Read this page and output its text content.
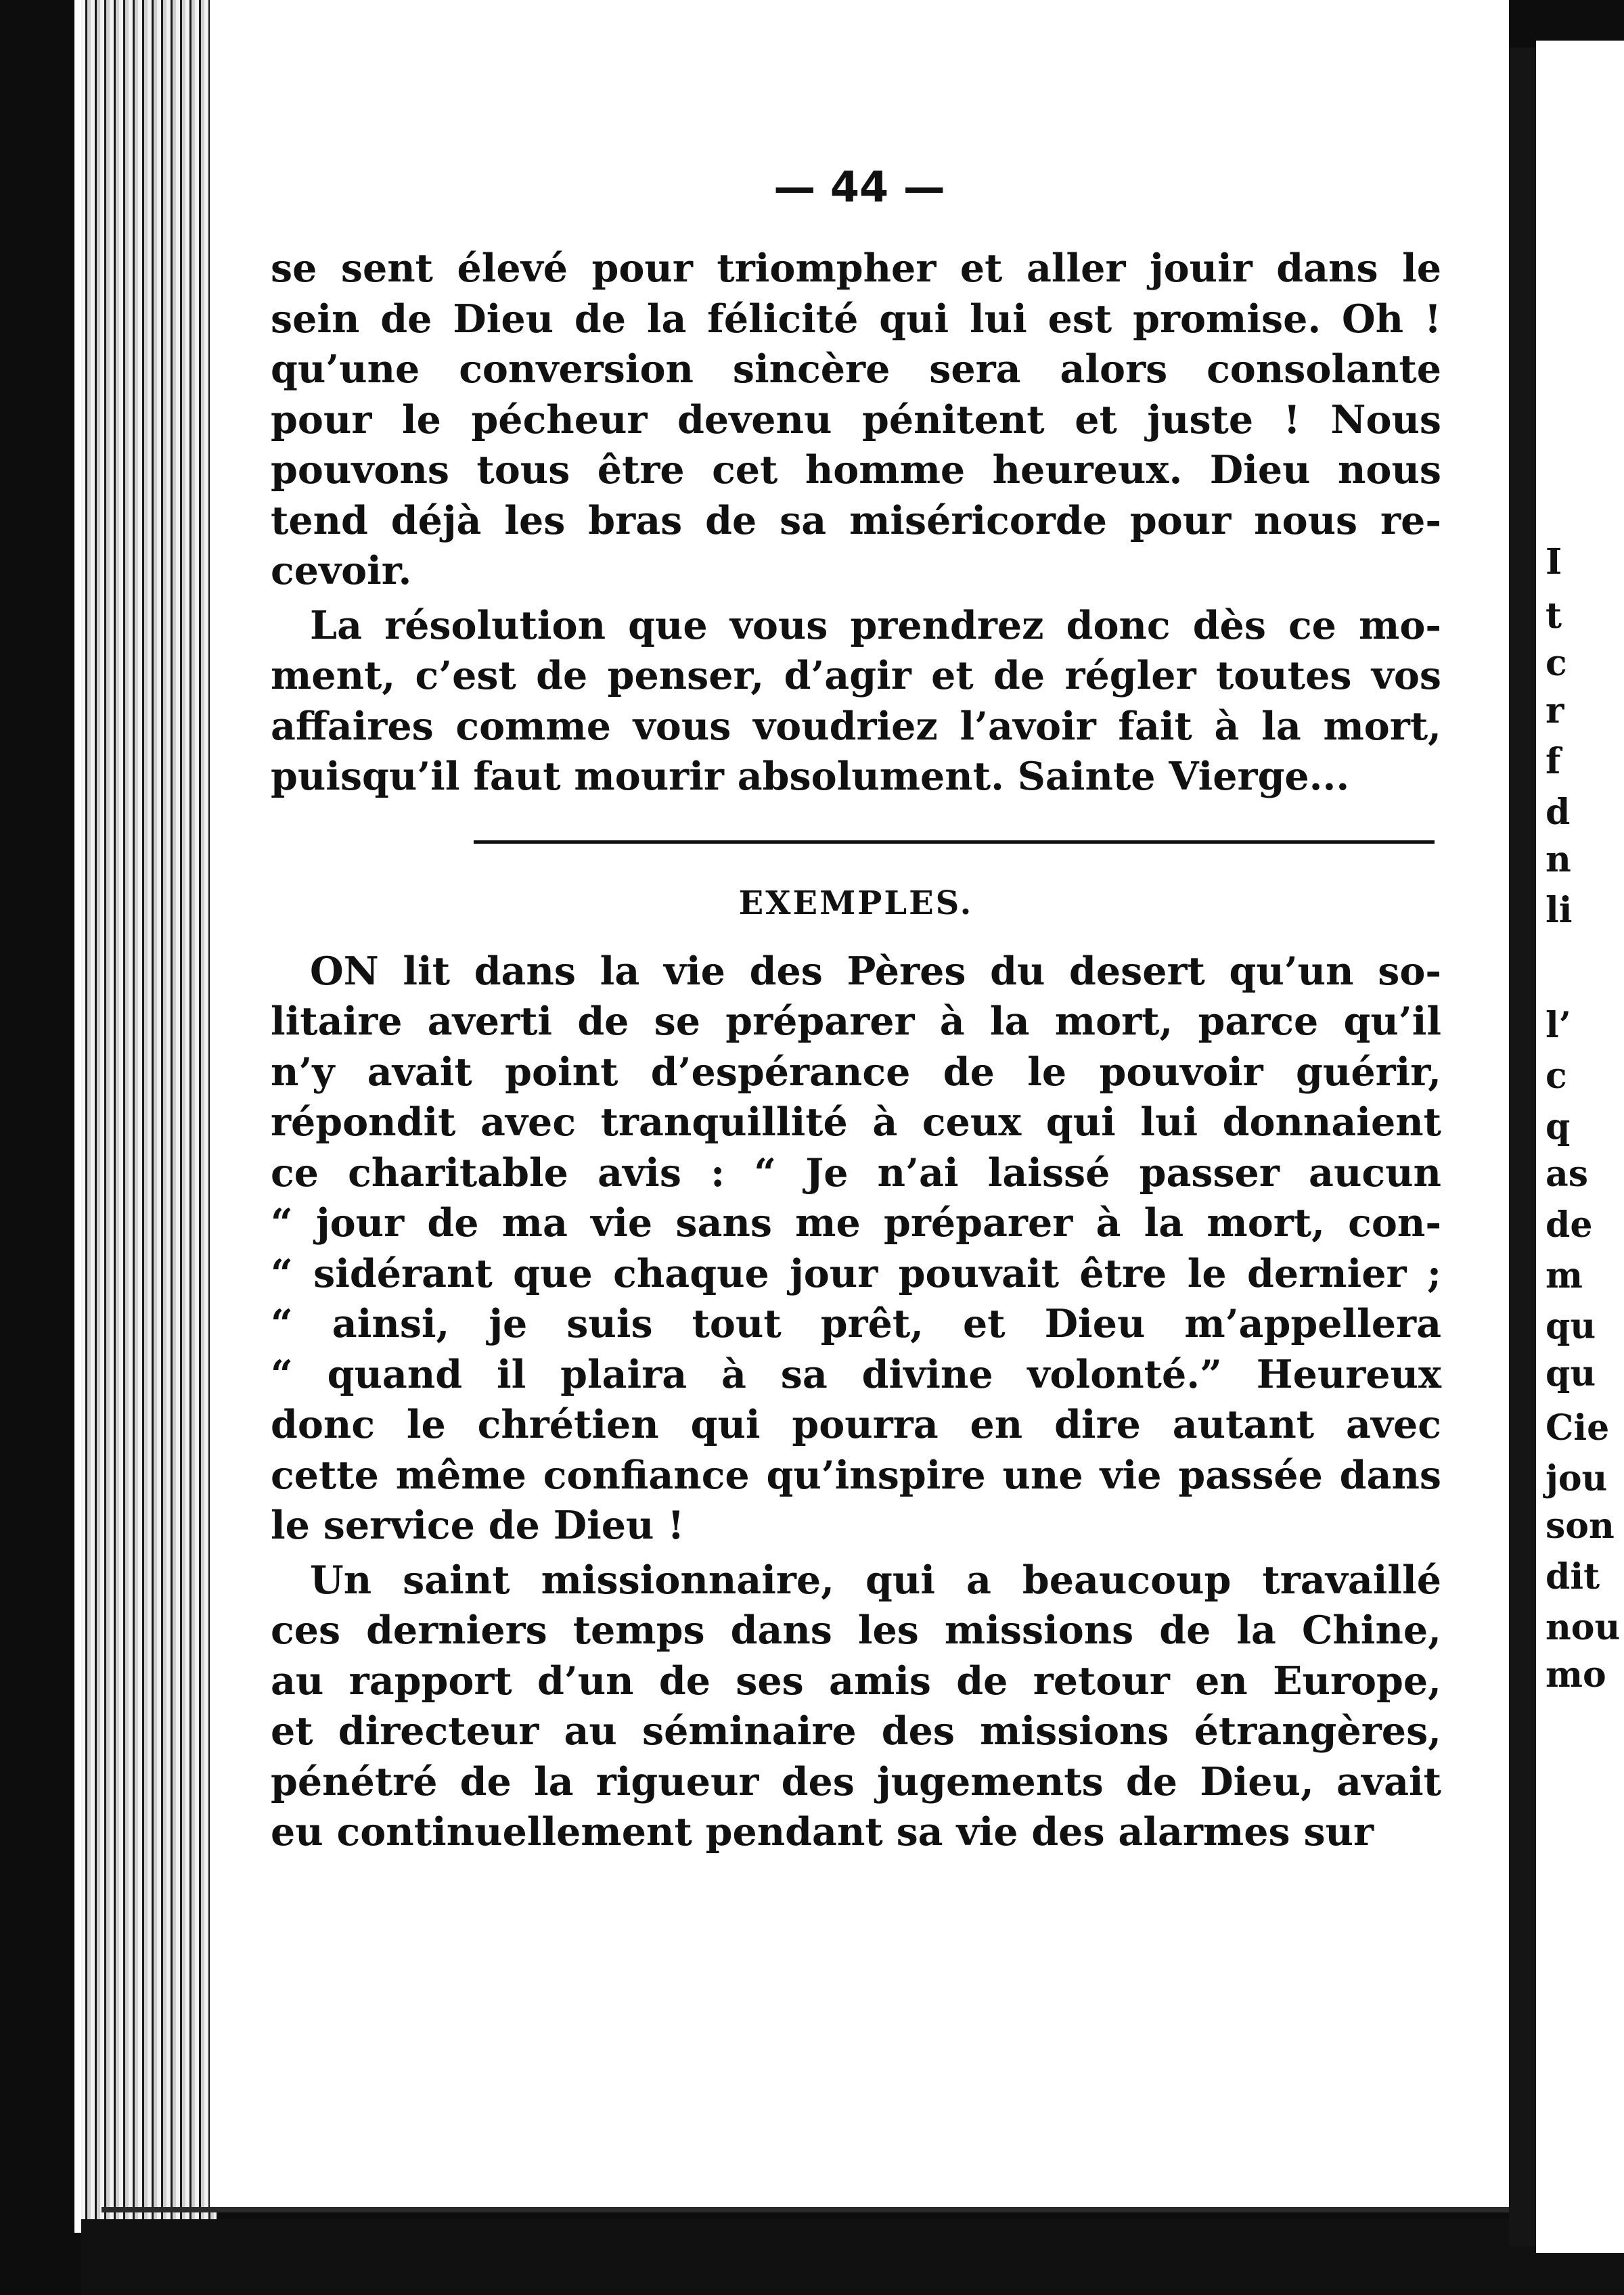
— 44 —
I
t
c
r
f
d
n
li
l’
c
q
as
de
m
qu
qu
Cie
jou
son
dit
nou
mo

se sent élevé pour triompher et aller jouir dans le
sein de Dieu de la félicité qui lui est promise. Oh !
qu’une conversion sincère sera alors consolante
pour le pécheur devenu pénitent et juste ! Nous
pouvons tous être cet homme heureux. Dieu nous
tend déjà les bras de sa miséricorde pour nous re-
cevoir.

La résolution que vous prendrez donc dès ce mo-
ment, c’est de penser, d’agir et de régler toutes vos
affaires comme vous voudriez l’avoir fait à la mort,
puisqu’il faut mourir absolument. Sainte Vierge...

EXEMPLES.

ON lit dans la vie des Pères du desert qu’un so-
litaire averti de se préparer à la mort, parce qu’il
n’y avait point d’espérance de le pouvoir guérir,
répondit avec tranquillité à ceux qui lui donnaient
ce charitable avis : “ Je n’ai laissé passer aucun
“ jour de ma vie sans me préparer à la mort, con-
“ sidérant que chaque jour pouvait être le dernier ;
“ ainsi, je suis tout prêt, et Dieu m’appellera
“ quand il plaira à sa divine volonté.” Heureux
donc le chrétien qui pourra en dire autant avec
cette même confiance qu’inspire une vie passée dans
le service de Dieu !

Un saint missionnaire, qui a beaucoup travaillé
ces derniers temps dans les missions de la Chine,
au rapport d’un de ses amis de retour en Europe,
et directeur au séminaire des missions étrangères,
pénétré de la rigueur des jugements de Dieu, avait
eu continuellement pendant sa vie des alarmes sur
